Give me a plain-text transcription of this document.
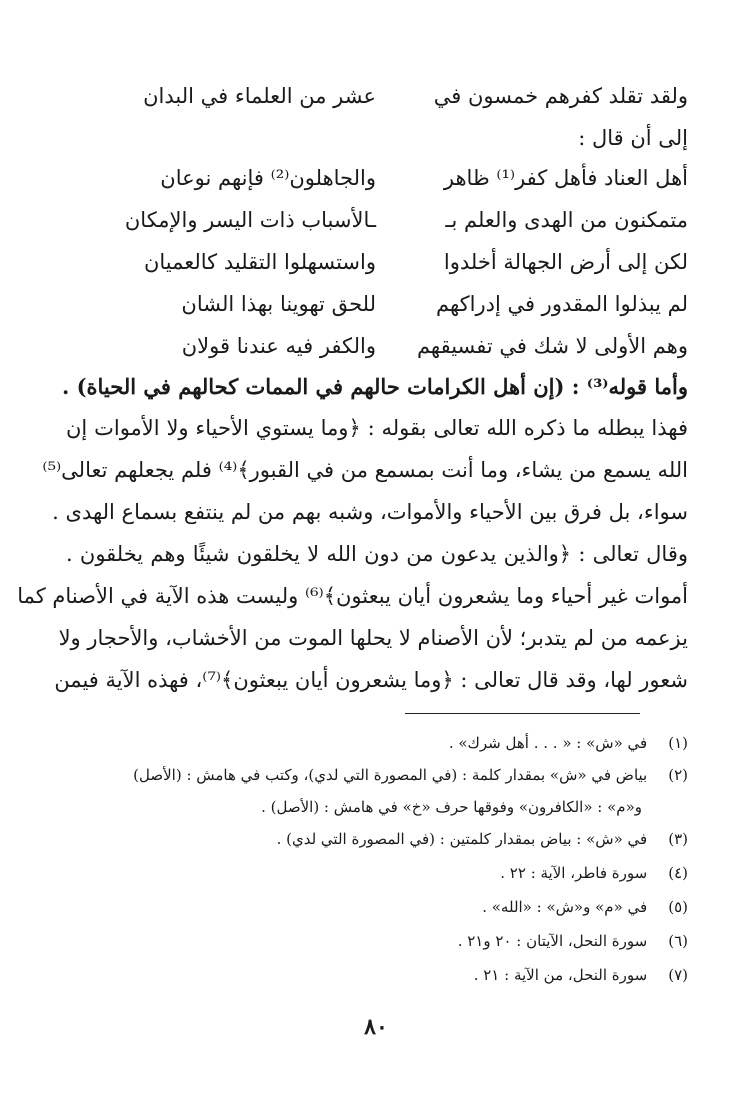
ولقد تقلد كفرهم خمسون في
عشر من العلماء في البدان
إلى أن قال :
أهل العناد فأهل كفر⁽¹⁾ ظاهر
والجاهلون⁽²⁾ فإنهم نوعان
متمكنون من الهدى والعلم بـ
ـالأسباب ذات اليسر والإمكان
لكن إلى أرض الجهالة أخلدوا
واستسهلوا التقليد كالعميان
لم يبذلوا المقدور في إدراكهم
للحق تهوينا بهذا الشان
وهم الأولى لا شك في تفسيقهم
والكفر فيه عندنا قولان
وأما قوله⁽³⁾ : (إن أهل الكرامات حالهم في الممات كحالهم في الحياة) .
فهذا يبطله ما ذكره الله تعالى بقوله : ﴿وما يستوي الأحياء ولا الأموات إن
الله يسمع من يشاء، وما أنت بمسمع من في القبور﴾⁽⁴⁾ فلم يجعلهم تعالى⁽⁵⁾
سواء، بل فرق بين الأحياء والأموات، وشبه بهم من لم ينتفع بسماع الهدى .
وقال تعالى : ﴿والذين يدعون من دون الله لا يخلقون شيئًا وهم يخلقون .
أموات غير أحياء وما يشعرون أيان يبعثون﴾⁽⁶⁾ وليست هذه الآية في الأصنام كما
يزعمه من لم يتدبر؛ لأن الأصنام لا يحلها الموت من الأخشاب، والأحجار ولا
شعور لها، وقد قال تعالى : ﴿وما يشعرون أيان يبعثون﴾⁽⁷⁾، فهذه الآية فيمن
(١) في «ش» : « . . . أهل شرك» .
(٢) بياض في «ش» بمقدار كلمة : (في المصورة التي لدي)، وكتب في هامش : (الأصل)
و«م» : «الكافرون» وفوقها حرف «خ» في هامش : (الأصل) .
(٣) في «ش» : بياض بمقدار كلمتين : (في المصورة التي لدي) .
(٤) سورة فاطر، الآية : ٢٢ .
(٥) في «م» و«ش» : «الله» .
(٦) سورة النحل، الآيتان : ٢٠ و٢١ .
(٧) سورة النحل، من الآية : ٢١ .
٨٠
